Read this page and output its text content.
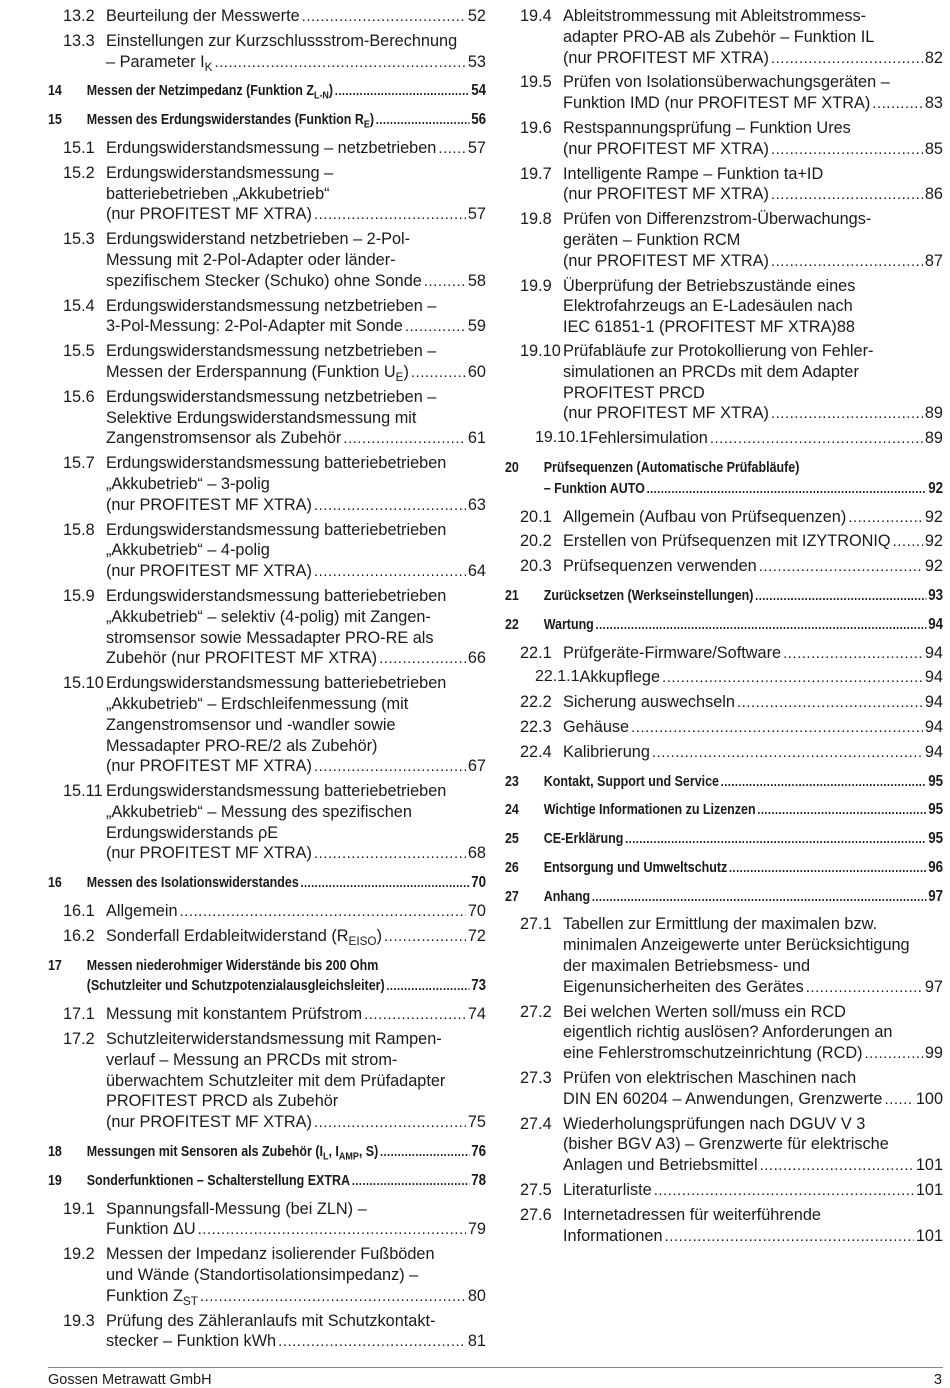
13.2 Beurteilung der Messwerte .....	52
13.3 Einstellungen zur Kurzschlussstrom-Berechnung
– Parameter $I_K$ .....	53
14	Messen der Netzimpedanz (Funktion $Z_{L-N}$) .....	54
15	Messen des Erdungswiderstandes (Funktion $R_E$) .....	56
15.1 Erdungswiderstandsmessung – netzbetrieben ..... 57
15.2 Erdungswiderstandsmessung –
batteriebetrieben „Akkubetrieb“
(nur PROFITEST MF XTRA) .....	57
15.3 Erdungswiderstand netzbetrieben – 2-Pol-
Messung mit 2-Pol-Adapter oder länder-
spezifischem Stecker (Schuko) ohne Sonde .....	58
15.4 Erdungswiderstandsmessung netzbetrieben –
3-Pol-Messung: 2-Pol-Adapter mit Sonde .....	59
15.5 Erdungswiderstandsmessung netzbetrieben –
Messen der Erderspannung (Funktion $U_E$) .....	60
15.6 Erdungswiderstandsmessung netzbetrieben –
Selektive Erdungswiderstandsmessung mit
Zangenstromsensor als Zubehör .....	61
15.7 Erdungswiderstandsmessung batteriebetrieben
„Akkubetrieb“ – 3-polig
(nur PROFITEST MF XTRA) .....	63
15.8 Erdungswiderstandsmessung batteriebetrieben
„Akkubetrieb“ – 4-polig
(nur PROFITEST MF XTRA) .....	64
15.9 Erdungswiderstandsmessung batteriebetrieben
„Akkubetrieb“ – selektiv (4-polig) mit Zangen-
stromsensor sowie Messadapter PRO-RE als
Zubehör (nur PROFITEST MF XTRA) .....	66
15.10 Erdungswiderstandsmessung batteriebetrieben
„Akkubetrieb“ – Erdschleifenmessung (mit
Zangenstromsensor und -wandler sowie
Messadapter PRO-RE/2 als Zubehör)
(nur PROFITEST MF XTRA) .....	67
15.11 Erdungswiderstandsmessung batteriebetrieben
„Akkubetrieb“ – Messung des spezifischen
Erdungswiderstands ρE
(nur PROFITEST MF XTRA) .....	68
16	Messen des Isolationswiderstandes .....	70
16.1 Allgemein .....	70
16.2 Sonderfall Erdableitwiderstand $(R_{EISO})$ .....	72
17	Messen niederohmiger Widerstände bis 200 Ohm
(Schutzleiter und Schutzpotenzialausgleichsleiter) .....	73
17.1 Messung mit konstantem Prüfstrom .....	74
17.2 Schutzleiterwiderstandsmessung mit Rampen-
verlauf – Messung an PRCDs mit strom-
überwachtem Schutzleiter mit dem Prüfadapter
PROFITEST PRCD als Zubehör
(nur PROFITEST MF XTRA) .....	75
18	Messungen mit Sensoren als Zubehör ($I_L$, $I_{AMP}$, S) .....	76
19	Sonderfunktionen – Schalterstellung EXTRA .....	78
19.1 Spannungsfall-Messung (bei ZLN) –
Funktion ΔU .....	79
19.2 Messen der Impedanz isolierender Fußböden
und Wände (Standortisolationsimpedanz) –
Funktion $Z_{ST}$ .....	80
19.3 Prüfung des Zähleranlaufs mit Schutzkontakt-
stecker – Funktion kWh .....	81
19.4 Ableitstrommessung mit Ableitstrommess-
adapter PRO-AB als Zubehör – Funktion IL
(nur PROFITEST MF XTRA) .....	82
19.5 Prüfen von Isolationsüberwachungsgeräten –
Funktion IMD (nur PROFITEST MF XTRA) .....	83
19.6 Restspannungsprüfung – Funktion Ures
(nur PROFITEST MF XTRA) .....	85
19.7 Intelligente Rampe – Funktion ta+ID
(nur PROFITEST MF XTRA) .....	86
19.8 Prüfen von Differenzstrom-Überwachungs-
geräten – Funktion RCM
(nur PROFITEST MF XTRA) .....	87
19.9 Überprüfung der Betriebszustände eines
Elektrofahrzeugs an E-Ladesäulen nach
IEC 61851-1 (PROFITEST MF XTRA)88
19.10 Prüfabläufe zur Protokollierung von Fehler-
simulationen an PRCDs mit dem Adapter
PROFITEST PRCD
(nur PROFITEST MF XTRA) .....	89
19.10.1 Fehlersimulation .....	89
20	Prüfsequenzen (Automatische Prüfabläufe)
– Funktion AUTO .....	92
20.1 Allgemein (Aufbau von Prüfsequenzen) .....	92
20.2 Erstellen von Prüfsequenzen mit IZYTRONIQ ..... 92
20.3 Prüfsequenzen verwenden .....	92
21	Zurücksetzen (Werkseinstellungen) .....	93
22	Wartung .....	94
22.1 Prüfgeräte-Firmware/Software .....	94
22.1.1 Akkupflege .....	94
22.2 Sicherung auswechseln .....	94
22.3 Gehäuse .....	94
22.4 Kalibrierung .....	94
23	Kontakt, Support und Service .....	95
24	Wichtige Informationen zu Lizenzen .....	95
25	CE-Erklärung .....	95
26	Entsorgung und Umweltschutz .....	96
27	Anhang .....	97
27.1 Tabellen zur Ermittlung der maximalen bzw.
minimalen Anzeigewerte unter Berücksichtigung
der maximalen Betriebsmess- und
Eigenunsicherheiten des Gerätes .....	97
27.2 Bei welchen Werten soll/muss ein RCD
eigentlich richtig auslösen? Anforderungen an
eine Fehlerstromschutzeinrichtung (RCD) .....	99
27.3 Prüfen von elektrischen Maschinen nach
DIN EN 60204 – Anwendungen, Grenzwerte ..... 100
27.4 Wiederholungsprüfungen nach DGUV V 3
(bisher BGV A3) – Grenzwerte für elektrische
Anlagen und Betriebsmittel .....	101
27.5 Literaturliste .....	101
27.6 Internetadressen für weiterführende
Informationen .....	101
Gossen Metrawatt GmbH	3
